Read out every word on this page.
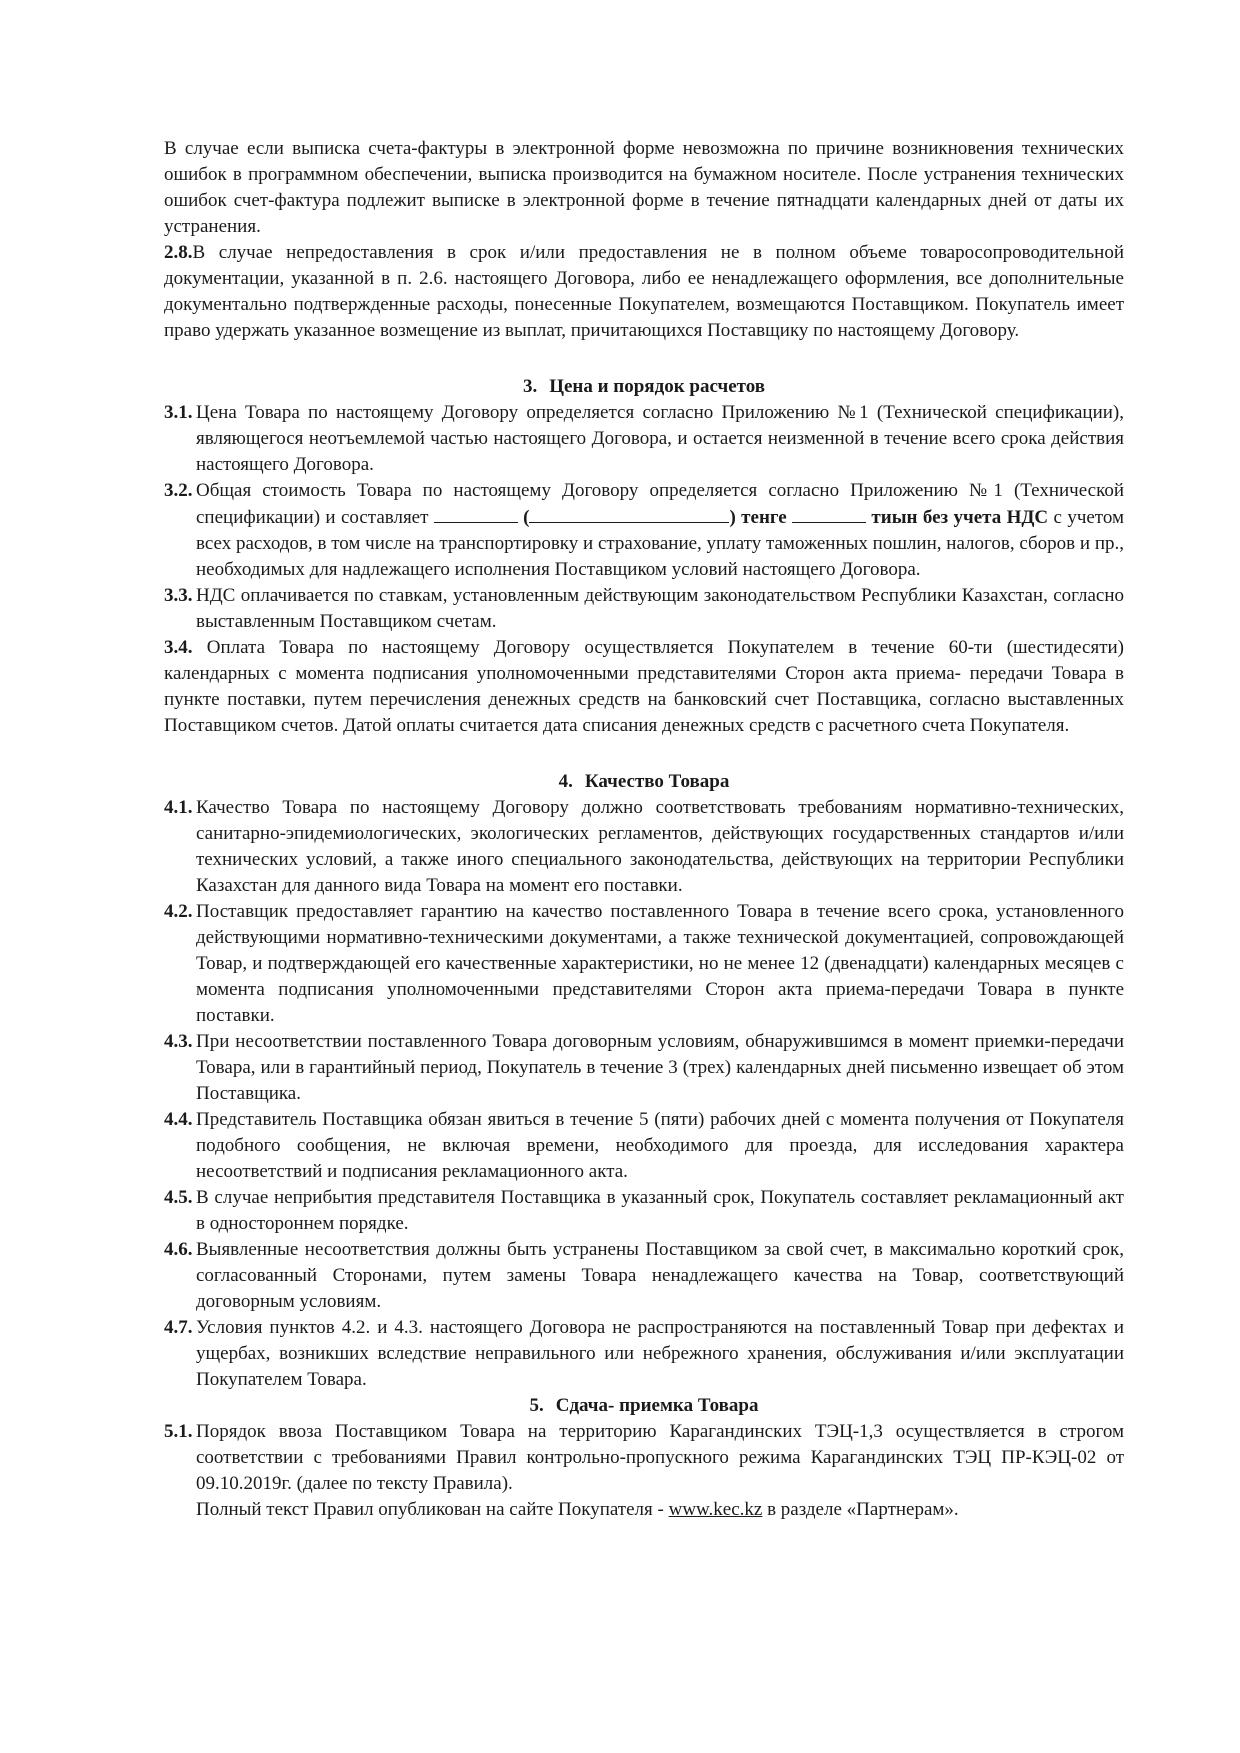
В случае если выписка счета-фактуры в электронной форме невозможна по причине возникновения технических ошибок в программном обеспечении, выписка производится на бумажном носителе. После устранения технических ошибок счет-фактура подлежит выписке в электронной форме в течение пятнадцати календарных дней от даты их устранения.

2.8.В случае непредоставления в срок и/или предоставления не в полном объеме товаросопроводительной документации, указанной в п. 2.6. настоящего Договора, либо ее ненадлежащего оформления, все дополнительные документально подтвержденные расходы, понесенные Покупателем, возмещаются Поставщиком. Покупатель имеет право удержать указанное возмещение из выплат, причитающихся Поставщику по настоящему Договору.

3. Цена и порядок расчетов

3.1. Цена Товара по настоящему Договору определяется согласно Приложению №1 (Технической спецификации), являющегося неотъемлемой частью настоящего Договора, и остается неизменной в течение всего срока действия настоящего Договора.

3.2. Общая стоимость Товара по настоящему Договору определяется согласно Приложению №1 (Технической спецификации) и составляет	(	) тенге	тиын без учета НДС с учетом всех расходов, в том числе на транспортировку и страхование, уплату таможенных пошлин, налогов, сборов и пр., необходимых для надлежащего исполнения Поставщиком условий настоящего Договора.

3.3. НДС оплачивается по ставкам, установленным действующим законодательством Республики Казахстан, согласно выставленным Поставщиком счетам.

3.4. Оплата Товара по настоящему Договору осуществляется Покупателем в течение 60-ти (шестидесяти) календарных с момента подписания уполномоченными представителями Сторон акта приема- передачи Товара в пункте поставки, путем перечисления денежных средств на банковский счет Поставщика, согласно выставленных Поставщиком счетов. Датой оплаты считается дата списания денежных средств с расчетного счета Покупателя.

4. Качество Товара

4.1. Качество Товара по настоящему Договору должно соответствовать требованиям нормативно-технических, санитарно-эпидемиологических, экологических регламентов, действующих государственных стандартов и/или технических условий, а также иного специального законодательства, действующих на территории Республики Казахстан для данного вида Товара на момент его поставки.

4.2. Поставщик предоставляет гарантию на качество поставленного Товара в течение всего срока, установленного действующими нормативно-техническими документами, а также технической документацией, сопровождающей Товар, и подтверждающей его качественные характеристики, но не менее 12 (двенадцати) календарных месяцев с момента подписания уполномоченными представителями Сторон акта приема-передачи Товара в пункте поставки.

4.3. При несоответствии поставленного Товара договорным условиям, обнаружившимся в момент приемки-передачи Товара, или в гарантийный период, Покупатель в течение 3 (трех) календарных дней письменно извещает об этом Поставщика.

4.4. Представитель Поставщика обязан явиться в течение 5 (пяти) рабочих дней с момента получения от Покупателя подобного сообщения, не включая времени, необходимого для проезда, для исследования характера несоответствий и подписания рекламационного акта.

4.5. В случае неприбытия представителя Поставщика в указанный срок, Покупатель составляет рекламационный акт в одностороннем порядке.

4.6. Выявленные несоответствия должны быть устранены Поставщиком за свой счет, в максимально короткий срок, согласованный Сторонами, путем замены Товара ненадлежащего качества на Товар, соответствующий договорным условиям.

4.7. Условия пунктов 4.2. и 4.3. настоящего Договора не распространяются на поставленный Товар при дефектах и ущербах, возникших вследствие неправильного или небрежного хранения, обслуживания и/или эксплуатации Покупателем Товара.

5. Сдача- приемка Товара

5.1. Порядок ввоза Поставщиком Товара на территорию Карагандинских ТЭЦ-1,3 осуществляется в строгом соответствии с требованиями Правил контрольно-пропускного режима Карагандинских ТЭЦ ПР-КЭЦ-02 от 09.10.2019г. (далее по тексту Правила).

Полный текст Правил опубликован на сайте Покупателя - www.kec.kz в разделе «Партнерам».
